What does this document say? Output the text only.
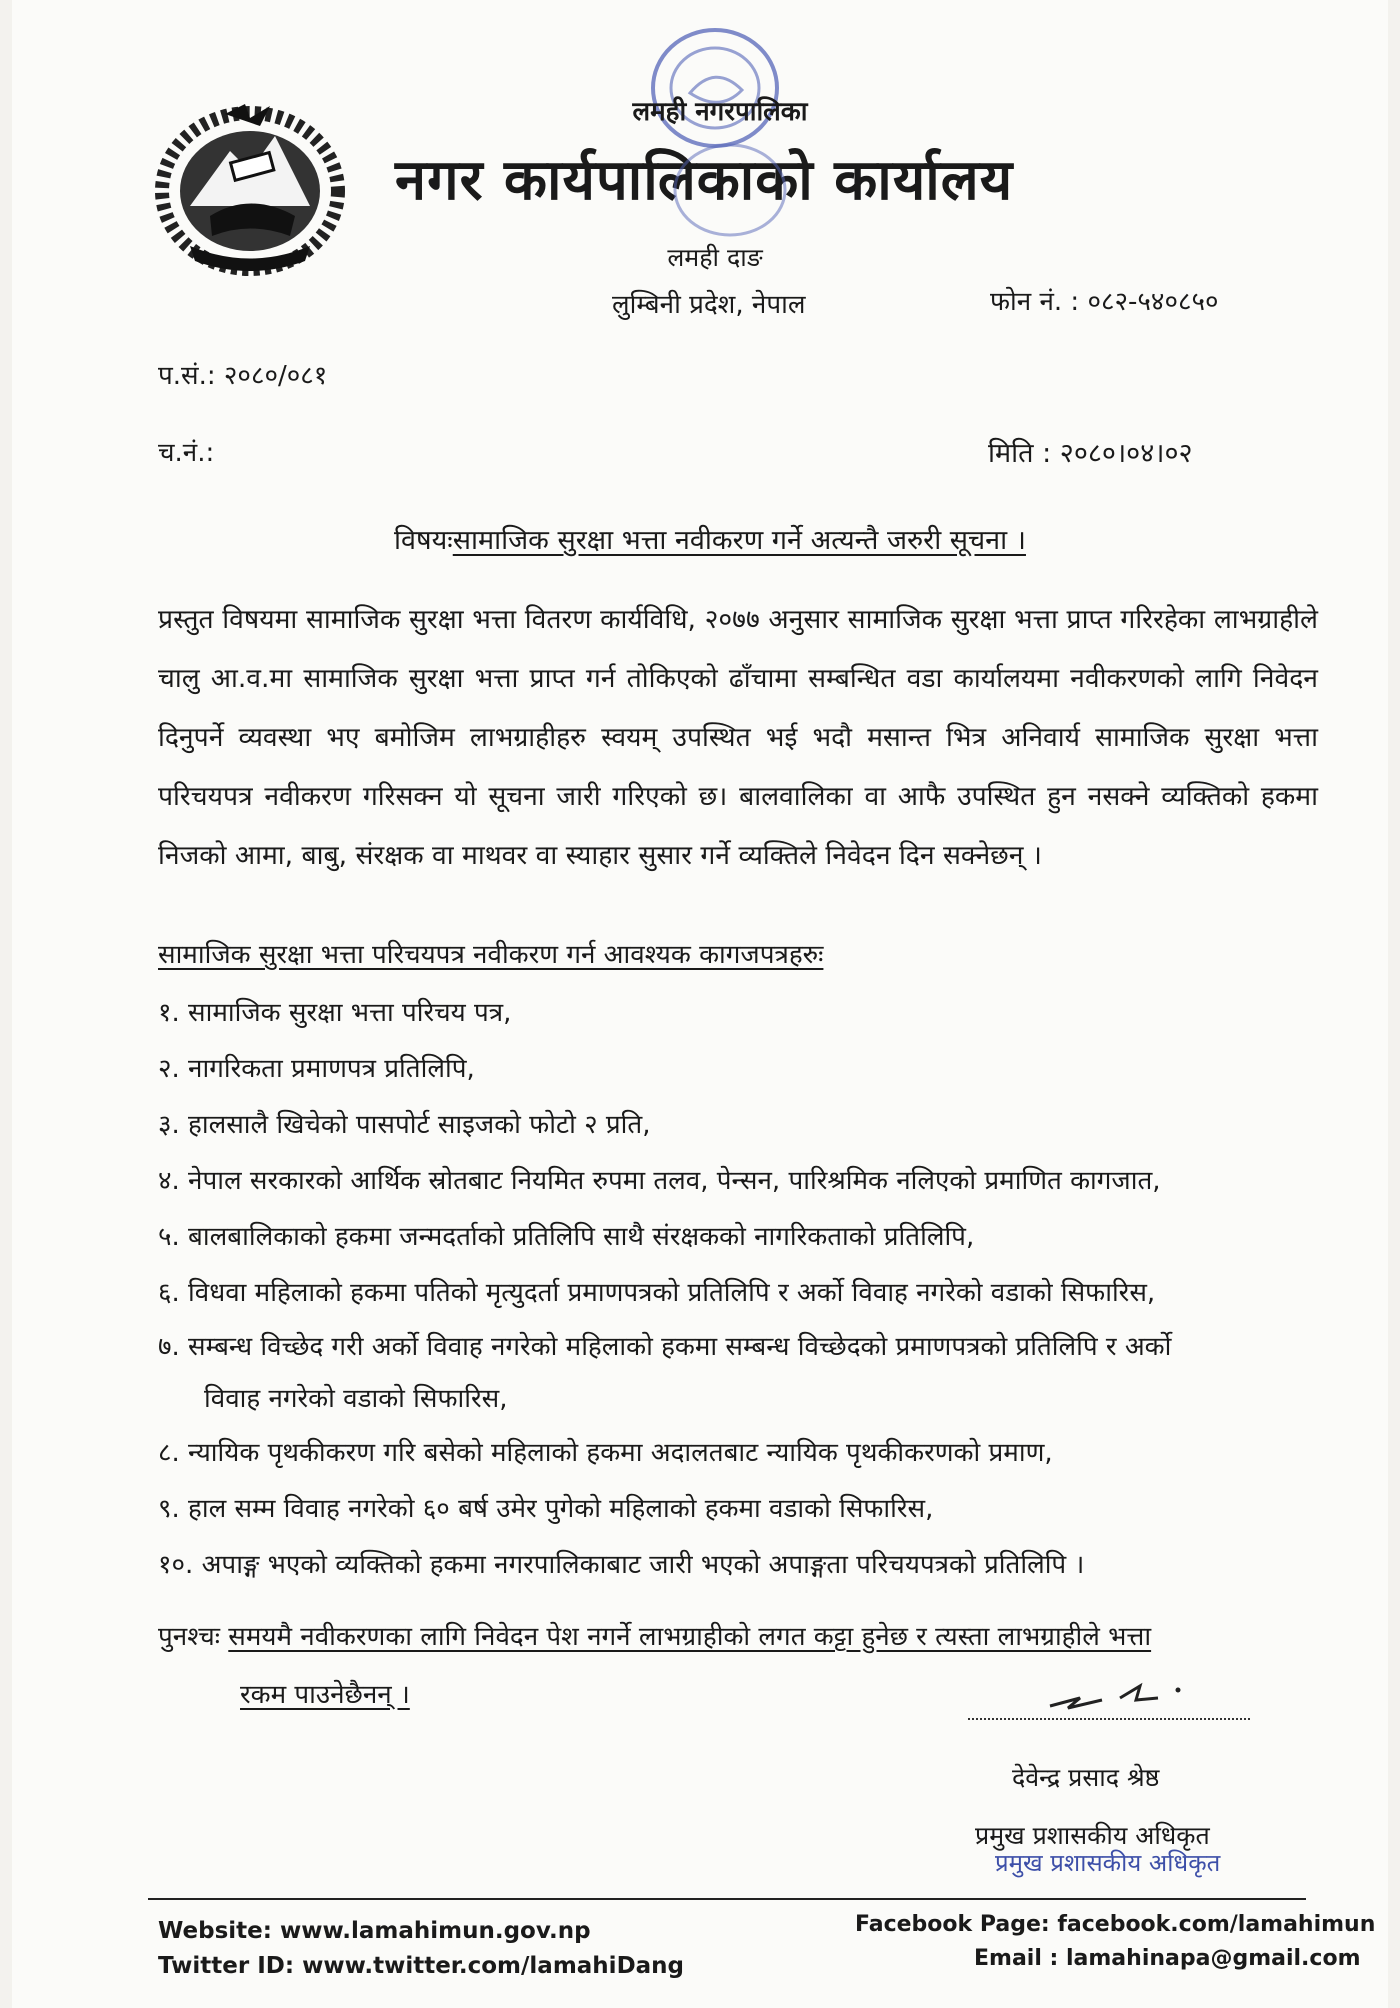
लमही नगरपालिका
नगर कार्यपालिकाको कार्यालय
लमही दाङ
लुम्बिनी प्रदेश, नेपाल	फोन नं. : ०८२-५४०८५०
प.सं.: २०८०/०८१
च.नं.:	मिति : २०८०।०४।०२
विषयःसामाजिक सुरक्षा भत्ता नवीकरण गर्ने अत्यन्तै जरुरी सूचना ।
प्रस्तुत विषयमा सामाजिक सुरक्षा भत्ता वितरण कार्यविधि, २०७७ अनुसार सामाजिक सुरक्षा भत्ता प्राप्त गरिरहेका लाभग्राहीले चालु आ.व.मा सामाजिक सुरक्षा भत्ता प्राप्त गर्न तोकिएको ढाँचामा सम्बन्धित वडा कार्यालयमा नवीकरणको लागि निवेदन दिनुपर्ने व्यवस्था भए बमोजिम लाभग्राहीहरु स्वयम् उपस्थित भई भदौ मसान्त भित्र अनिवार्य सामाजिक सुरक्षा भत्ता परिचयपत्र नवीकरण गरिसक्न यो सूचना जारी गरिएको छ। बालवालिका वा आफै उपस्थित हुन नसक्ने व्यक्तिको हकमा निजको आमा, बाबु, संरक्षक वा माथवर वा स्याहार सुसार गर्ने व्यक्तिले निवेदन दिन सक्नेछन् ।
सामाजिक सुरक्षा भत्ता परिचयपत्र नवीकरण गर्न आवश्यक कागजपत्रहरुः
१. सामाजिक सुरक्षा भत्ता परिचय पत्र,
२. नागरिकता प्रमाणपत्र प्रतिलिपि,
३. हालसालै खिचेको पासपोर्ट साइजको फोटो २ प्रति,
४. नेपाल सरकारको आर्थिक स्रोतबाट नियमित रुपमा तलव, पेन्सन, पारिश्रमिक नलिएको प्रमाणित कागजात,
५. बालबालिकाको हकमा जन्मदर्ताको प्रतिलिपि साथै संरक्षकको नागरिकताको प्रतिलिपि,
६. विधवा महिलाको हकमा पतिको मृत्युदर्ता प्रमाणपत्रको प्रतिलिपि र अर्को विवाह नगरेको वडाको सिफारिस,
७. सम्बन्ध विच्छेद गरी अर्को विवाह नगरेको महिलाको हकमा सम्बन्ध विच्छेदको प्रमाणपत्रको प्रतिलिपि र अर्को
विवाह नगरेको वडाको सिफारिस,
८. न्यायिक पृथकीकरण गरि बसेको महिलाको हकमा अदालतबाट न्यायिक पृथकीकरणको प्रमाण,
९. हाल सम्म विवाह नगरेको ६० बर्ष उमेर पुगेको महिलाको हकमा वडाको सिफारिस,
१०. अपाङ्ग भएको व्यक्तिको हकमा नगरपालिकाबाट जारी भएको अपाङ्गता परिचयपत्रको प्रतिलिपि ।
पुनश्चः समयमै नवीकरणका लागि निवेदन पेश नगर्ने लाभग्राहीको लगत कट्टा हुनेछ र त्यस्ता लाभग्राहीले भत्ता
रकम पाउनेछैनन् ।
देवेन्द्र प्रसाद श्रेष्ठ
प्रमुख प्रशासकीय अधिकृत
प्रमुख प्रशासकीय अधिकृत
Website: www.lamahimun.gov.np
Twitter ID: www.twitter.com/lamahiDang
Facebook Page: facebook.com/lamahimun
Email : lamahinapa@gmail.com
